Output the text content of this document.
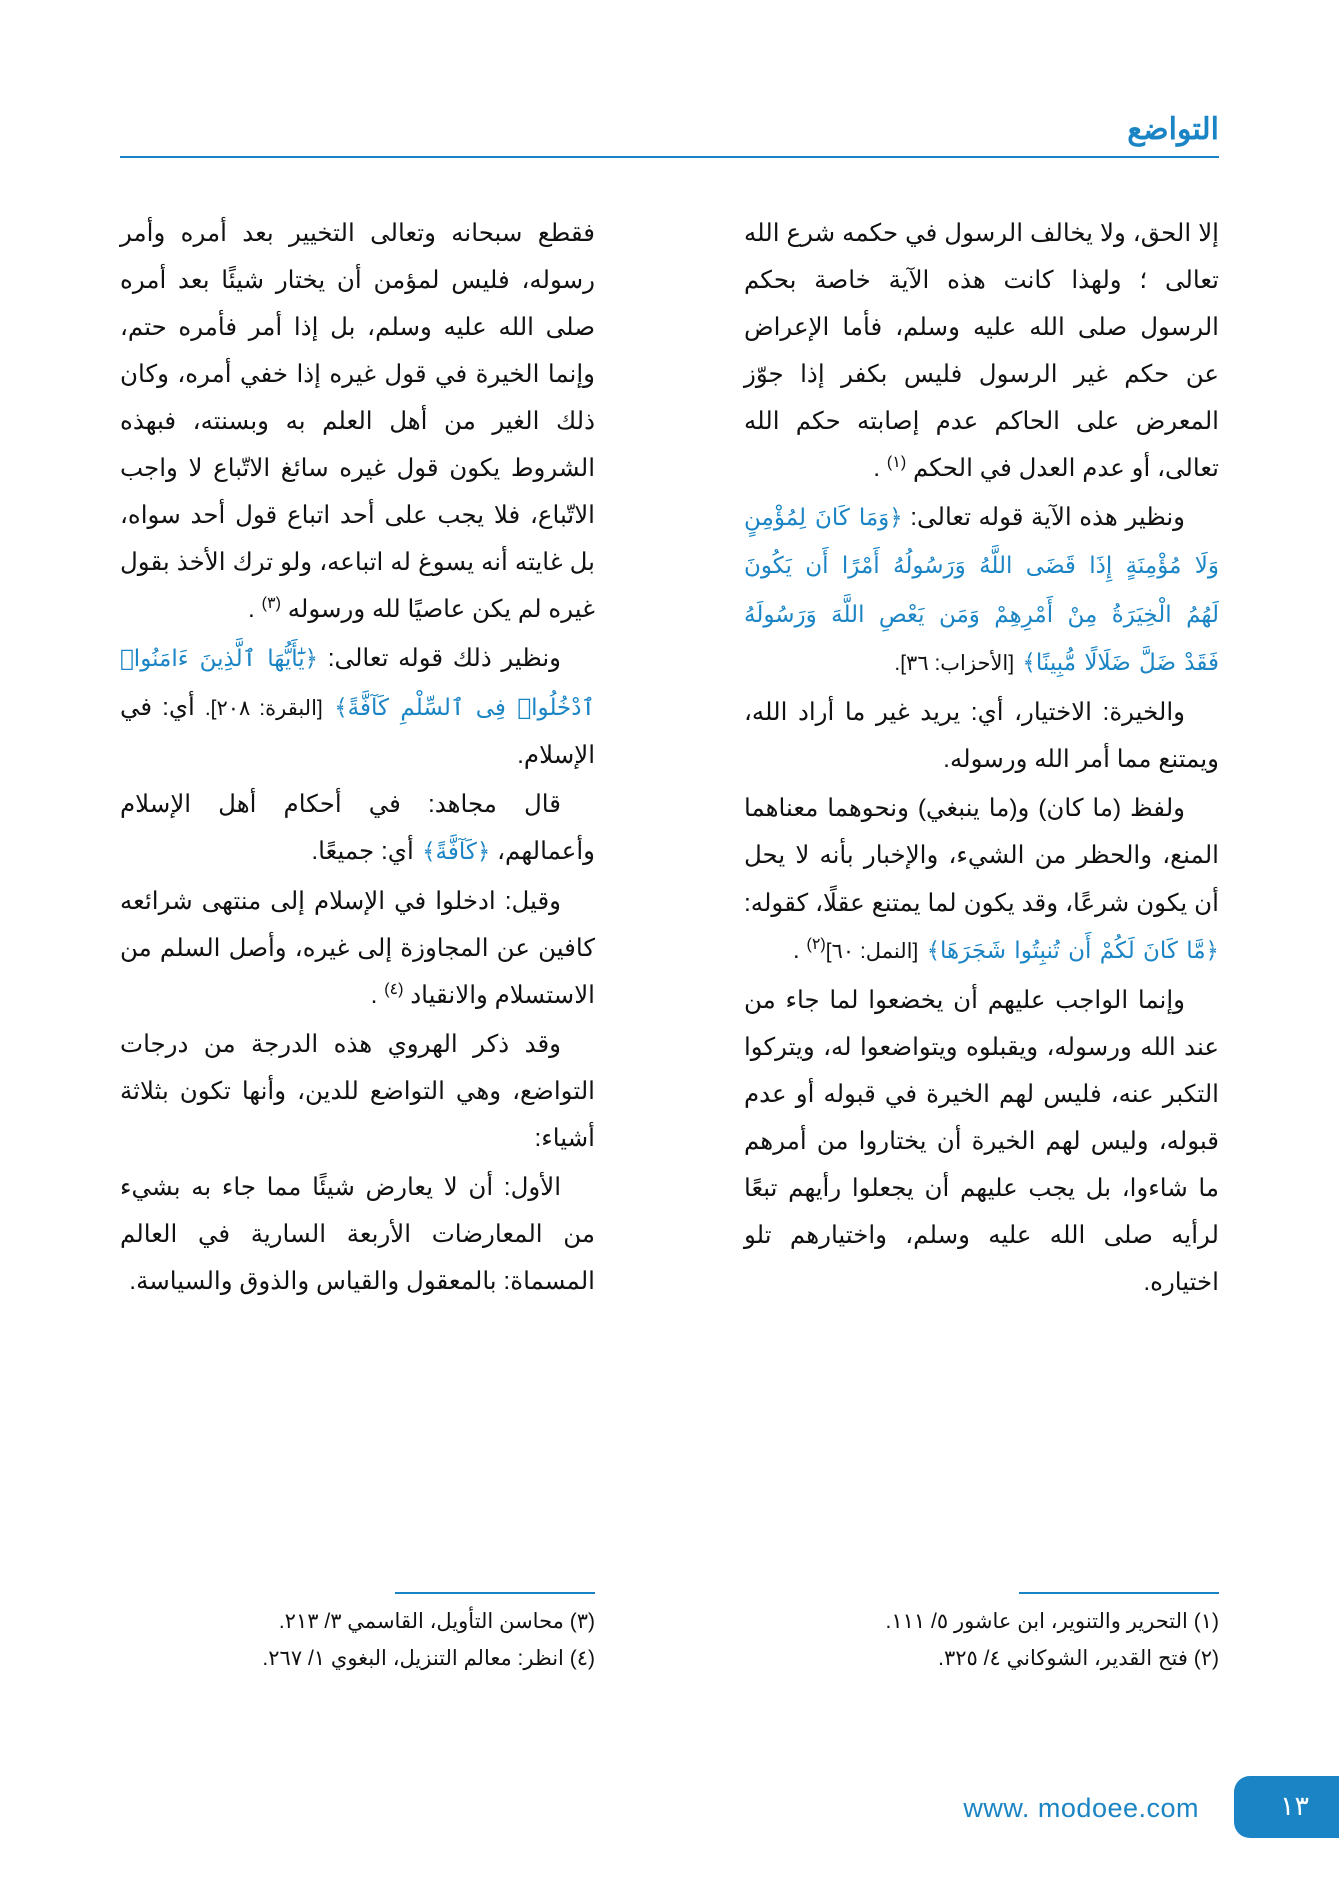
التواضع

إلا الحق، ولا يخالف الرسول في حكمه شرع الله تعالى ؛ ولهذا كانت هذه الآية خاصة بحكم الرسول صلى الله عليه وسلم، فأما الإعراض عن حكم غير الرسول فليس بكفر إذا جوّز المعرض على الحاكم عدم إصابته حكم الله تعالى، أو عدم العدل في الحكم $^{(١)}$ .

ونظير هذه الآية قوله تعالى: ﴿وَمَا كَانَ لِمُؤْمِنٍ وَلَا مُؤْمِنَةٍ إِذَا قَضَى اللَّهُ وَرَسُولُهُ أَمْرًا أَن يَكُونَ لَهُمُ الْخِيَرَةُ مِنْ أَمْرِهِمْ وَمَن يَعْصِ اللَّهَ وَرَسُولَهُ فَقَدْ ضَلَّ ضَلَالًا مُّبِينًا﴾ [الأحزاب: ٣٦].

والخيرة: الاختيار، أي: يريد غير ما أراد الله، ويمتنع مما أمر الله ورسوله.

ولفظ (ما كان) و(ما ينبغي) ونحوهما معناهما المنع، والحظر من الشيء، والإخبار بأنه لا يحل أن يكون شرعًا، وقد يكون لما يمتنع عقلًا، كقوله: ﴿مَّا كَانَ لَكُمْ أَن تُنبِتُوا شَجَرَهَا﴾ [النمل: ٦٠]$^{(٢)}$ .

وإنما الواجب عليهم أن يخضعوا لما جاء من عند الله ورسوله، ويقبلوه ويتواضعوا له، ويتركوا التكبر عنه، فليس لهم الخيرة في قبوله أو عدم قبوله، وليس لهم الخيرة أن يختاروا من أمرهم ما شاءوا، بل يجب عليهم أن يجعلوا رأيهم تبعًا لرأيه صلى الله عليه وسلم، واختيارهم تلو اختياره.

فقطع سبحانه وتعالى التخيير بعد أمره وأمر رسوله، فليس لمؤمن أن يختار شيئًا بعد أمره صلى الله عليه وسلم، بل إذا أمر فأمره حتم، وإنما الخيرة في قول غيره إذا خفي أمره، وكان ذلك الغير من أهل العلم به وبسنته، فبهذه الشروط يكون قول غيره سائغ الاتّباع لا واجب الاتّباع، فلا يجب على أحد اتباع قول أحد سواه، بل غايته أنه يسوغ له اتباعه، ولو ترك الأخذ بقول غيره لم يكن عاصيًا لله ورسوله $^{(٣)}$ .

ونظير ذلك قوله تعالى: ﴿يَٰٓأَيُّهَا ٱلَّذِينَ ءَامَنُوا۟ ٱدْخُلُوا۟ فِى ٱلسِّلْمِ كَآفَّةً﴾ [البقرة: ٢٠٨]. أي: في الإسلام.

قال مجاهد: في أحكام أهل الإسلام وأعمالهم، ﴿كَآفَّةً﴾ أي: جميعًا.

وقيل: ادخلوا في الإسلام إلى منتهى شرائعه كافين عن المجاوزة إلى غيره، وأصل السلم من الاستسلام والانقياد $^{(٤)}$ .

وقد ذكر الهروي هذه الدرجة من درجات التواضع، وهي التواضع للدين، وأنها تكون بثلاثة أشياء:

الأول: أن لا يعارض شيئًا مما جاء به بشيء من المعارضات الأربعة السارية في العالم المسماة: بالمعقول والقياس والذوق والسياسة.

(١) التحرير والتنوير، ابن عاشور ٥/ ١١١.
(٢) فتح القدير، الشوكاني ٤/ ٣٢٥.
(٣) محاسن التأويل، القاسمي ٣/ ٢١٣.
(٤) انظر: معالم التنزيل، البغوي ١/ ٢٦٧.
١٣
www. modoee.com
